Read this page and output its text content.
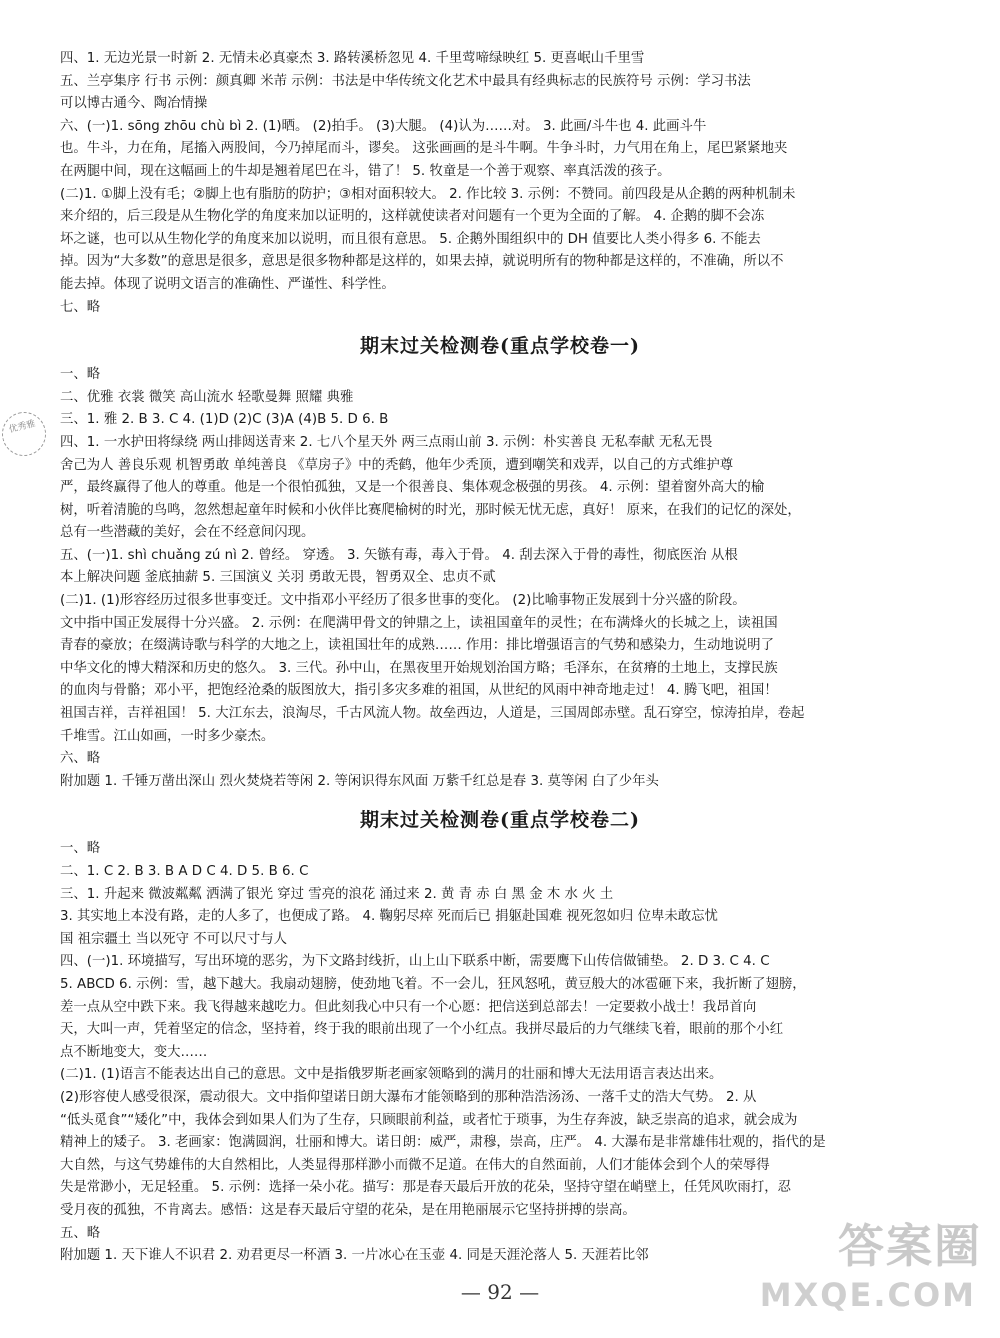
优秀雅
四、1. 无边光景一时新 2. 无情未必真豪杰 3. 路转溪桥忽见 4. 千里莺啼绿映红 5. 更喜岷山千里雪
五、兰亭集序 行书 示例：颜真卿 米芾 示例：书法是中华传统文化艺术中最具有经典标志的民族符号 示例：学习书法
可以博古通今、陶冶情操
六、(一)1. sōng zhōu chù bì 2. (1)晒。 (2)拍手。 (3)大腿。 (4)认为……对。 3. 此画/斗牛也 4. 此画斗牛
也。牛斗，力在角，尾搐入两股间，今乃掉尾而斗，谬矣。 这张画画的是斗牛啊。牛争斗时，力气用在角上，尾巴紧紧地夹
在两腿中间，现在这幅画上的牛却是翘着尾巴在斗，错了！ 5. 牧童是一个善于观察、率真活泼的孩子。
(二)1. ①脚上没有毛；②脚上也有脂肪的防护；③相对面积较大。 2. 作比较 3. 示例：不赞同。前四段是从企鹅的两种机制未
来介绍的，后三段是从生物化学的角度来加以证明的，这样就使读者对问题有一个更为全面的了解。 4. 企鹅的脚不会冻
坏之谜，也可以从生物化学的角度来加以说明，而且很有意思。 5. 企鹅外围组织中的 DH 值要比人类小得多 6. 不能去
掉。因为“大多数”的意思是很多，意思是很多物种都是这样的，如果去掉，就说明所有的物种都是这样的，不准确，所以不
能去掉。体现了说明文语言的准确性、严谨性、科学性。
七、略
期末过关检测卷(重点学校卷一)
一、略
二、优雅 衣裳 微笑 高山流水 轻歌曼舞 照耀 典雅
三、1. 雅 2. B 3. C 4. (1)D (2)C (3)A (4)B 5. D 6. B
四、1. 一水护田将绿绕 两山排闼送青来 2. 七八个星天外 两三点雨山前 3. 示例：朴实善良 无私奉献 无私无畏
舍己为人 善良乐观 机智勇敢 单纯善良 《草房子》中的秃鹤，他年少秃顶，遭到嘲笑和戏弄，以自己的方式维护尊
严，最终赢得了他人的尊重。他是一个很怕孤独，又是一个很善良、集体观念极强的男孩。 4. 示例：望着窗外高大的榆
树，听着清脆的鸟鸣，忽然想起童年时候和小伙伴比赛爬榆树的时光，那时候无忧无虑，真好！ 原来，在我们的记忆的深处，
总有一些潜藏的美好，会在不经意间闪现。
五、(一)1. shì chuǎng zú nì 2. 曾经。 穿透。 3. 矢镞有毒，毒入于骨。 4. 刮去深入于骨的毒性，彻底医治 从根
本上解决问题 釜底抽薪 5. 三国演义 关羽 勇敢无畏，智勇双全、忠贞不贰
(二)1. (1)形容经历过很多世事变迁。文中指邓小平经历了很多世事的变化。 (2)比喻事物正发展到十分兴盛的阶段。
文中指中国正发展得十分兴盛。 2. 示例：在爬满甲骨文的钟鼎之上，读祖国童年的灵性；在布满烽火的长城之上，读祖国
青春的豪放；在缀满诗歌与科学的大地之上，读祖国壮年的成熟…… 作用：排比增强语言的气势和感染力，生动地说明了
中华文化的博大精深和历史的悠久。 3. 三代。孙中山，在黑夜里开始规划治国方略；毛泽东，在贫瘠的土地上，支撑民族
的血肉与骨骼；邓小平，把饱经沧桑的版图放大，指引多灾多难的祖国，从世纪的风雨中神奇地走过！ 4. 腾飞吧，祖国！
祖国吉祥，吉祥祖国！ 5. 大江东去，浪淘尽，千古风流人物。故垒西边，人道是，三国周郎赤壁。乱石穿空，惊涛拍岸，卷起
千堆雪。江山如画，一时多少豪杰。
六、略
附加题 1. 千锤万凿出深山 烈火焚烧若等闲 2. 等闲识得东风面 万紫千红总是春 3. 莫等闲 白了少年头
期末过关检测卷(重点学校卷二)
一、略
二、1. C 2. B 3. B A D C 4. D 5. B 6. C
三、1. 升起来 微波粼粼 洒满了银光 穿过 雪亮的浪花 涌过来 2. 黄 青 赤 白 黑 金 木 水 火 土
3. 其实地上本没有路，走的人多了，也便成了路。 4. 鞠躬尽瘁 死而后已 捐躯赴国难 视死忽如归 位卑未敢忘忧
国 祖宗疆土 当以死守 不可以尺寸与人
四、(一)1. 环境描写，写出环境的恶劣，为下文路封线折，山上山下联系中断，需要鹰下山传信做铺垫。 2. D 3. C 4. C
5. ABCD 6. 示例：雪，越下越大。我扇动翅膀，使劲地飞着。不一会儿，狂风怒吼，黄豆般大的冰雹砸下来，我折断了翅膀，
差一点从空中跌下来。我飞得越来越吃力。但此刻我心中只有一个心愿：把信送到总部去！一定要救小战士！我昂首向
天，大叫一声，凭着坚定的信念，坚持着，终于我的眼前出现了一个小红点。我拼尽最后的力气继续飞着，眼前的那个小红
点不断地变大，变大……
(二)1. (1)语言不能表达出自己的意思。文中是指俄罗斯老画家领略到的满月的壮丽和博大无法用语言表达出来。
(2)形容使人感受很深，震动很大。文中指仰望诺日朗大瀑布才能领略到的那种浩浩汤汤、一落千丈的浩大气势。 2. 从
“低头觅食”“矮化”中，我体会到如果人们为了生存，只顾眼前利益，或者忙于琐事，为生存奔波，缺乏崇高的追求，就会成为
精神上的矮子。 3. 老画家：饱满圆润，壮丽和博大。诺日朗：威严，肃穆，崇高，庄严。 4. 大瀑布是非常雄伟壮观的，指代的是
大自然，与这气势雄伟的大自然相比，人类显得那样渺小而微不足道。在伟大的自然面前，人们才能体会到个人的荣辱得
失是常渺小，无足轻重。 5. 示例：选择一朵小花。描写：那是春天最后开放的花朵，坚持守望在峭壁上，任凭风吹雨打，忍
受月夜的孤独，不肯离去。感悟：这是春天最后守望的花朵，是在用艳丽展示它坚持拼搏的崇高。
五、略
附加题 1. 天下谁人不识君 2. 劝君更尽一杯酒 3. 一片冰心在玉壶 4. 同是天涯沦落人 5. 天涯若比邻
— 92 —
答案圈
MXQE.COM
